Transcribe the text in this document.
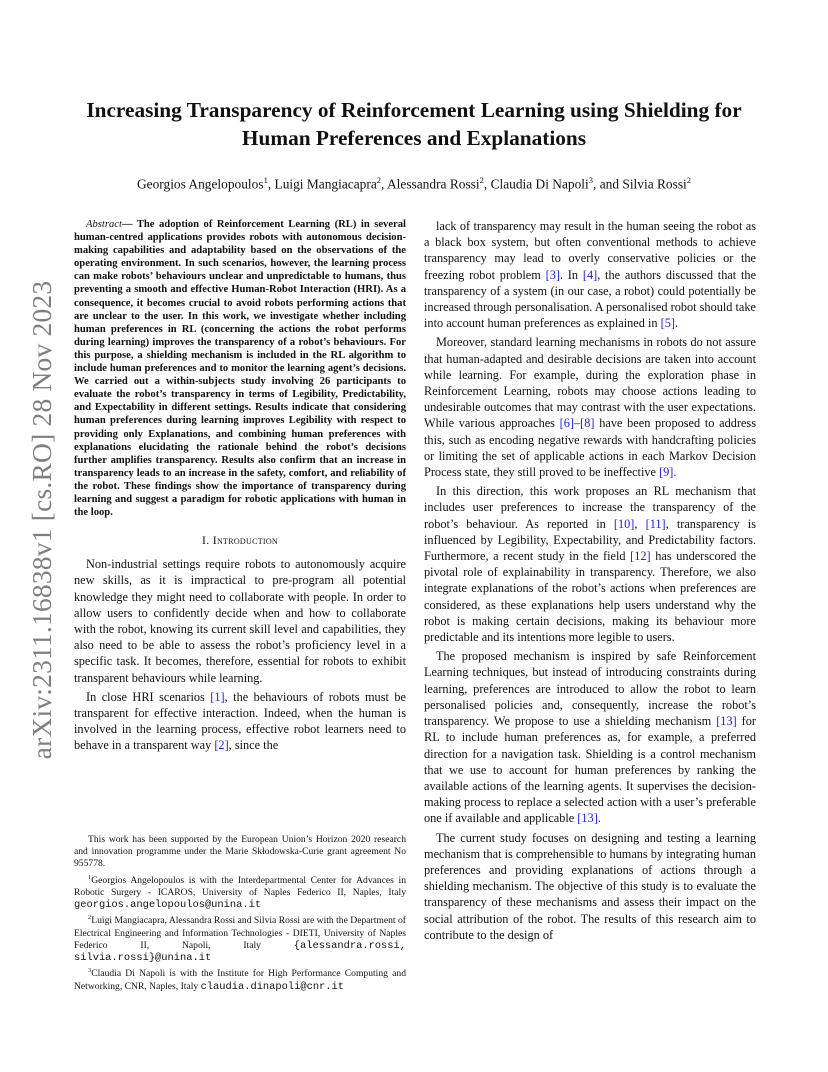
arXiv:2311.16838v1 [cs.RO] 28 Nov 2023
Increasing Transparency of Reinforcement Learning using Shielding for
Human Preferences and Explanations
Georgios Angelopoulos$^1$, Luigi Mangiacapra$^2$, Alessandra Rossi$^2$, Claudia Di Napoli$^3$, and Silvia Rossi$^2$

Abstract— The adoption of Reinforcement Learning (RL) in several human-centred applications provides robots with autonomous decision-making capabilities and adaptability based on the observations of the operating environment. In such scenarios, however, the learning process can make robots’ behaviours unclear and unpredictable to humans, thus preventing a smooth and effective Human-Robot Interaction (HRI). As a consequence, it becomes crucial to avoid robots performing actions that are unclear to the user. In this work, we investigate whether including human preferences in RL (concerning the actions the robot performs during learning) improves the transparency of a robot’s behaviours. For this purpose, a shielding mechanism is included in the RL algorithm to include human preferences and to monitor the learning agent’s decisions. We carried out a within-subjects study involving 26 participants to evaluate the robot’s transparency in terms of Legibility, Predictability, and Expectability in different settings. Results indicate that considering human preferences during learning improves Legibility with respect to providing only Explanations, and combining human preferences with explanations elucidating the rationale behind the robot’s decisions further amplifies transparency. Results also confirm that an increase in transparency leads to an increase in the safety, comfort, and reliability of the robot. These findings show the importance of transparency during learning and suggest a paradigm for robotic applications with human in the loop.

I. Introduction

Non-industrial settings require robots to autonomously acquire new skills, as it is impractical to pre-program all potential knowledge they might need to collaborate with people. In order to allow users to confidently decide when and how to collaborate with the robot, knowing its current skill level and capabilities, they also need to be able to assess the robot’s proficiency level in a specific task. It becomes, therefore, essential for robots to exhibit transparent behaviours while learning.

In close HRI scenarios [1], the behaviours of robots must be transparent for effective interaction. Indeed, when the human is involved in the learning process, effective robot learners need to behave in a transparent way [2], since the

lack of transparency may result in the human seeing the robot as a black box system, but often conventional methods to achieve transparency may lead to overly conservative policies or the freezing robot problem [3]. In [4], the authors discussed that the transparency of a system (in our case, a robot) could potentially be increased through personalisation. A personalised robot should take into account human preferences as explained in [5].

Moreover, standard learning mechanisms in robots do not assure that human-adapted and desirable decisions are taken into account while learning. For example, during the exploration phase in Reinforcement Learning, robots may choose actions leading to undesirable outcomes that may contrast with the user expectations. While various approaches [6]–[8] have been proposed to address this, such as encoding negative rewards with handcrafting policies or limiting the set of applicable actions in each Markov Decision Process state, they still proved to be ineffective [9].

In this direction, this work proposes an RL mechanism that includes user preferences to increase the transparency of the robot’s behaviour. As reported in [10], [11], transparency is influenced by Legibility, Expectability, and Predictability factors. Furthermore, a recent study in the field [12] has underscored the pivotal role of explainability in transparency. Therefore, we also integrate explanations of the robot’s actions when preferences are considered, as these explanations help users understand why the robot is making certain decisions, making its behaviour more predictable and its intentions more legible to users.

The proposed mechanism is inspired by safe Reinforcement Learning techniques, but instead of introducing constraints during learning, preferences are introduced to allow the robot to learn personalised policies and, consequently, increase the robot’s transparency. We propose to use a shielding mechanism [13] for RL to include human preferences as, for example, a preferred direction for a navigation task. Shielding is a control mechanism that we use to account for human preferences by ranking the available actions of the learning agents. It supervises the decision-making process to replace a selected action with a user’s preferable one if available and applicable [13].

The current study focuses on designing and testing a learning mechanism that is comprehensible to humans by integrating human preferences and providing explanations of actions through a shielding mechanism. The objective of this study is to evaluate the transparency of these mechanisms and assess their impact on the social attribution of the robot. The results of this research aim to contribute to the design of

This work has been supported by the European Union’s Horizon 2020 research and innovation programme under the Marie Skłodowska-Curie grant agreement No 955778.

$^1$Georgios Angelopoulos is with the Interdepartmental Center for Advances in Robotic Surgery - ICAROS, University of Naples Federico II, Naples, Italy georgios.angelopoulos@unina.it

$^2$Luigi Mangiacapra, Alessandra Rossi and Silvia Rossi are with the Department of Electrical Engineering and Information Technologies - DIETI, University of Naples Federico II, Napoli, Italy {alessandra.rossi, silvia.rossi}@unina.it

$^3$Claudia Di Napoli is with the Institute for High Performance Computing and Networking, CNR, Naples, Italy claudia.dinapoli@cnr.it
